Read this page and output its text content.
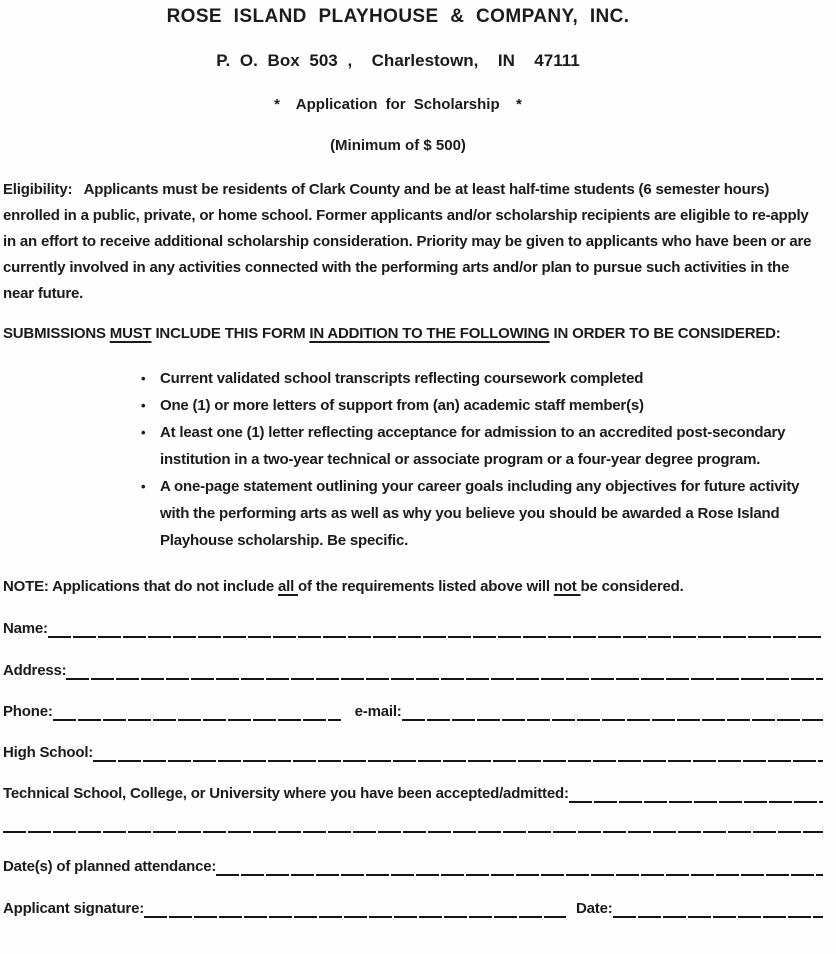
ROSE ISLAND PLAYHOUSE & COMPANY, INC.
P. O. Box 503 ,  Charlestown,  IN  47111
*  Application for Scholarship  *
(Minimum of $ 500)

Eligibility:   Applicants must be residents of Clark County and be at least half-time students (6 semester hours) enrolled in a public, private, or home school. Former applicants and/or scholarship recipients are eligible to re-apply in an effort to receive additional scholarship consideration. Priority may be given to applicants who have been or are currently involved in any activities connected with the performing arts and/or plan to pursue such activities in the near future.

SUBMISSIONS MUST INCLUDE THIS FORM IN ADDITION TO THE FOLLOWING IN ORDER TO BE CONSIDERED:

• Current validated school transcripts reflecting coursework completed
• One (1) or more letters of support from (an) academic staff member(s)
• At least one (1) letter reflecting acceptance for admission to an accredited post-secondary institution in a two-year technical or associate program or a four-year degree program.
• A one-page statement outlining your career goals including any objectives for future activity with the performing arts as well as why you believe you should be awarded a Rose Island Playhouse scholarship. Be specific.

NOTE: Applications that do not include all of the requirements listed above will not be considered.

Name:
Address:
Phone:	e-mail:
High School:
Technical School, College, or University where you have been accepted/admitted:
Date(s) of planned attendance:
Applicant signature:	Date:
